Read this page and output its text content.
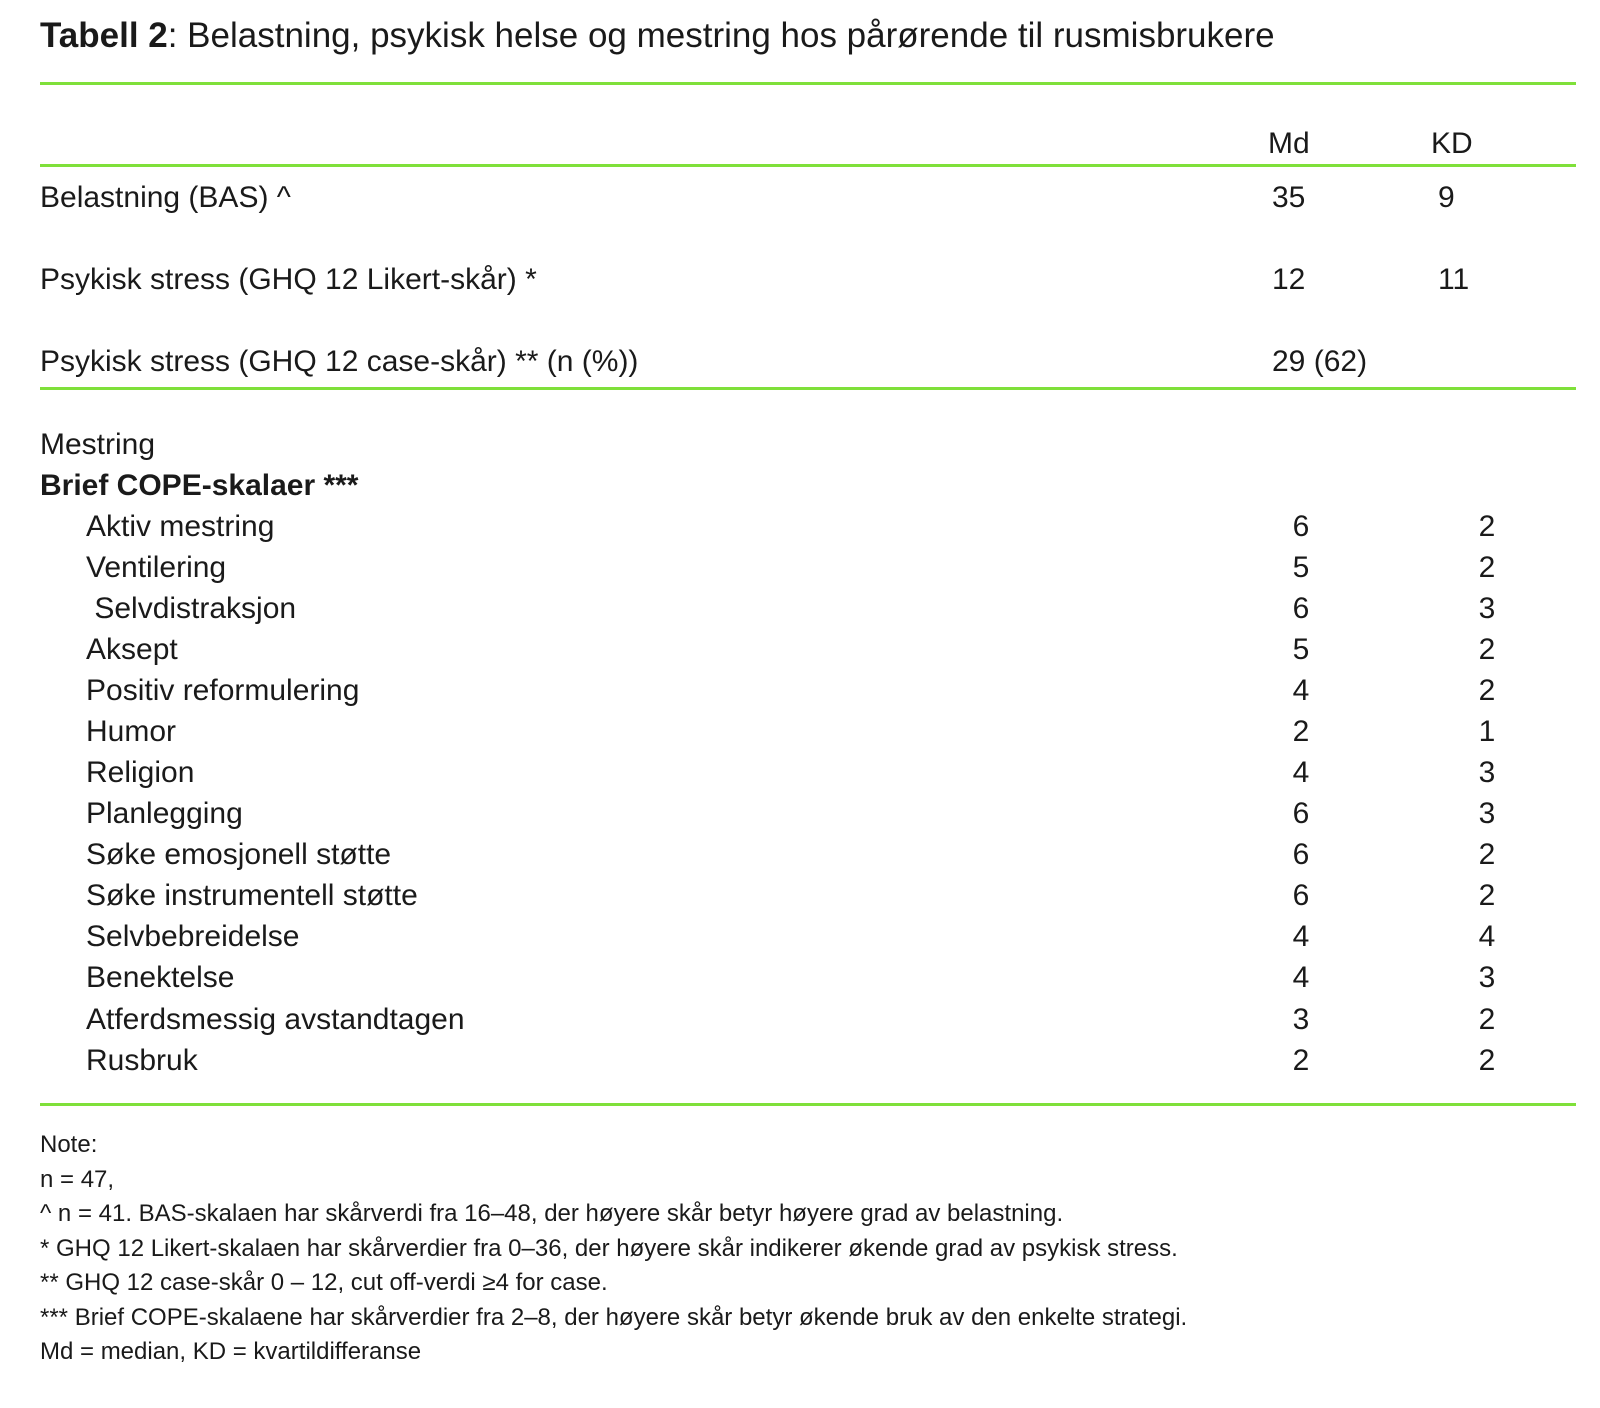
Tabell 2: Belastning, psykisk helse og mestring hos pårørende til rusmisbrukere
Md	KD
Belastning (BAS) ^	35	9
Psykisk stress (GHQ 12 Likert-skår) *	12	11
Psykisk stress (GHQ 12 case-skår) ** (n (%))	29 (62)
Mestring
Brief COPE-skalaer ***
Aktiv mestring	6	2
Ventilering	5	2
Selvdistraksjon	6	3
Aksept	5	2
Positiv reformulering	4	2
Humor	2	1
Religion	4	3
Planlegging	6	3
Søke emosjonell støtte	6	2
Søke instrumentell støtte	6	2
Selvbebreidelse	4	4
Benektelse	4	3
Atferdsmessig avstandtagen	3	2
Rusbruk	2	2
Note:
n = 47,
^ n = 41. BAS-skalaen har skårverdi fra 16–48, der høyere skår betyr høyere grad av belastning.
* GHQ 12 Likert-skalaen har skårverdier fra 0–36, der høyere skår indikerer økende grad av psykisk stress.
** GHQ 12 case-skår 0 – 12, cut off-verdi ≥4 for case.
*** Brief COPE-skalaene har skårverdier fra 2–8, der høyere skår betyr økende bruk av den enkelte strategi.
Md = median, KD = kvartildifferanse
